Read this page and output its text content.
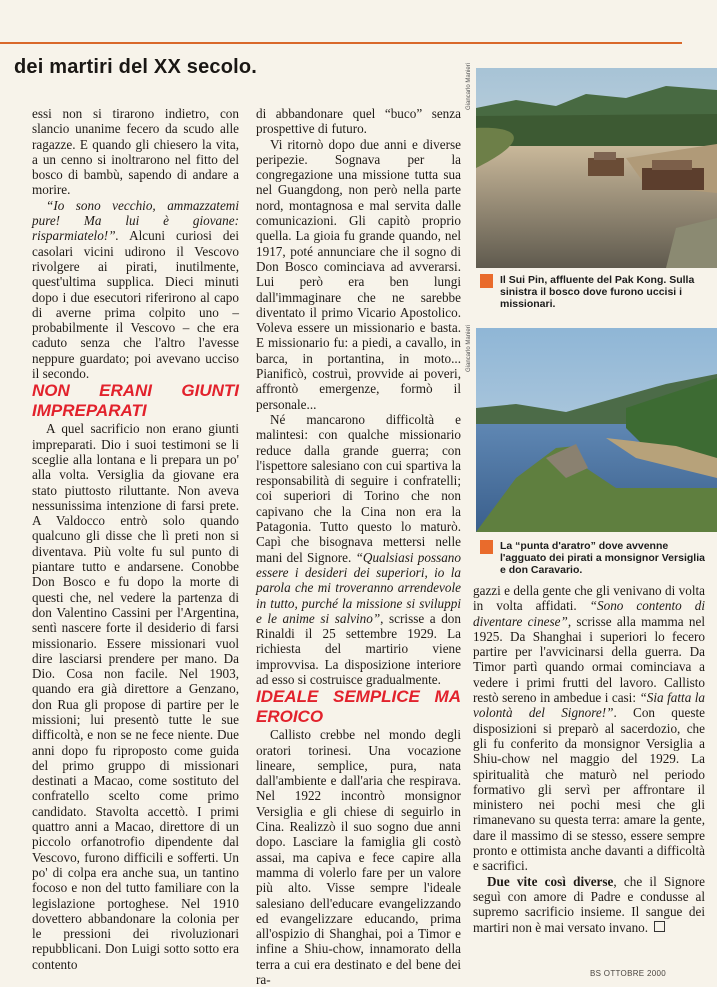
dei martiri del XX secolo.

essi non si tirarono indietro, con slancio unanime fecero da scudo alle ragazze. E quando gli chiesero la vita, a un cenno si inoltrarono nel fitto del bosco di bambù, sapendo di andare a morire.

“Io sono vecchio, ammazzatemi pure! Ma lui è giovane: risparmiatelo!”. Alcuni curiosi dei casolari vicini udirono il Vescovo rivolgere ai pirati, inutilmente, quest'ultima supplica. Dieci minuti dopo i due esecutori riferirono al capo di averne prima colpito uno – probabilmente il Vescovo – che era caduto senza che l'altro l'avesse neppure guardato; poi avevano ucciso il secondo.

NON ERANI GIUNTI IMPREPARATI

A quel sacrificio non erano giunti impreparati. Dio i suoi testimoni se li sceglie alla lontana e li prepara un po' alla volta. Versiglia da giovane era stato piuttosto riluttante. Non aveva nessunissima intenzione di farsi prete. A Valdocco entrò solo quando qualcuno gli disse che lì preti non si diventava. Più volte fu sul punto di piantare tutto e andarsene. Conobbe Don Bosco e fu dopo la morte di questi che, nel vedere la partenza di don Valentino Cassini per l'Argentina, sentì nascere forte il desiderio di farsi missionario. Essere missionari vuol dire lasciarsi prendere per mano. Da Dio. Cosa non facile. Nel 1903, quando era già direttore a Genzano, don Rua gli propose di partire per le missioni; lui presentò tutte le sue difficoltà, e non se ne fece niente. Due anni dopo fu riproposto come guida del primo gruppo di missionari destinati a Macao, come sostituto del confratello scelto come primo candidato. Stavolta accettò. I primi quattro anni a Macao, direttore di un piccolo orfanotrofio dipendente dal Vescovo, furono difficili e sofferti. Un po' di colpa era anche sua, un tantino focoso e non del tutto familiare con la legislazione portoghese. Nel 1910 dovettero abbandonare la colonia per le pressioni dei rivoluzionari repubblicani. Don Luigi sotto sotto era contento

di abbandonare quel “buco” senza prospettive di futuro.

Vi ritornò dopo due anni e diverse peripezie. Sognava per la congregazione una missione tutta sua nel Guangdong, non però nella parte nord, montagnosa e mal servita dalle comunicazioni. Gli capitò proprio quella. La gioia fu grande quando, nel 1917, poté annunciare che il sogno di Don Bosco cominciava ad avverarsi. Lui però era ben lungi dall'immaginare che ne sarebbe diventato il primo Vicario Apostolico. Voleva essere un missionario e basta. E missionario fu: a piedi, a cavallo, in barca, in portantina, in moto... Pianificò, costruì, provvide ai poveri, affrontò emergenze, formò il personale...

Né mancarono difficoltà e malintesi: con qualche missionario reduce dalla grande guerra; con l'ispettore salesiano con cui spartiva la responsabilità di seguire i confratelli; coi superiori di Torino che non capivano che la Cina non era la Patagonia. Tutto questo lo maturò. Capì che bisognava mettersi nelle mani del Signore. “Qualsiasi possano essere i desideri dei superiori, io la parola che mi troveranno arrendevole in tutto, purché la missione si sviluppi e le anime si salvino”, scrisse a don Rinaldi il 25 settembre 1929. La richiesta del martirio viene improvvisa. La disposizione interiore ad esso si costruisce gradualmente.

IDEALE SEMPLICE MA EROICO

Callisto crebbe nel mondo degli oratori torinesi. Una vocazione lineare, semplice, pura, nata dall'ambiente e dall'aria che respirava. Nel 1922 incontrò monsignor Versiglia e gli chiese di seguirlo in Cina. Realizzò il suo sogno due anni dopo. Lasciare la famiglia gli costò assai, ma capiva e fece capire alla mamma di volerlo fare per un valore più alto. Visse sempre l'ideale salesiano dell'educare evangelizzando ed evangelizzare educando, prima all'ospizio di Shanghai, poi a Timor e infine a Shiu-chow, innamorato della terra a cui era destinato e del bene dei ra-

Giancarlo Manieri
Il Sui Pin, affluente del Pak Kong. Sulla sinistra il bosco dove furono uccisi i missionari.
Giancarlo Manieri
La “punta d'aratro” dove avvenne l'agguato dei pirati a monsignor Versiglia e don Caravario.

gazzi e della gente che gli venivano di volta in volta affidati. “Sono contento di diventare cinese”, scrisse alla mamma nel 1925. Da Shanghai i superiori lo fecero partire per l'avvicinarsi della guerra. Da Timor partì quando ormai cominciava a vedere i primi frutti del lavoro. Callisto restò sereno in ambedue i casi: “Sia fatta la volontà del Signore!”. Con queste disposizioni si preparò al sacerdozio, che gli fu conferito da monsignor Versiglia a Shiu-chow nel maggio del 1929. La spiritualità che maturò nel periodo formativo gli servì per affrontare il ministero nei pochi mesi che gli rimanevano su questa terra: amare la gente, dare il massimo di se stesso, essere sempre pronto e ottimista anche davanti a difficoltà e sacrifici.

Due vite così diverse, che il Signore seguì con amore di Padre e condusse al supremo sacrificio insieme. Il sangue dei martiri non è mai versato invano.

BS OTTOBRE 2000
